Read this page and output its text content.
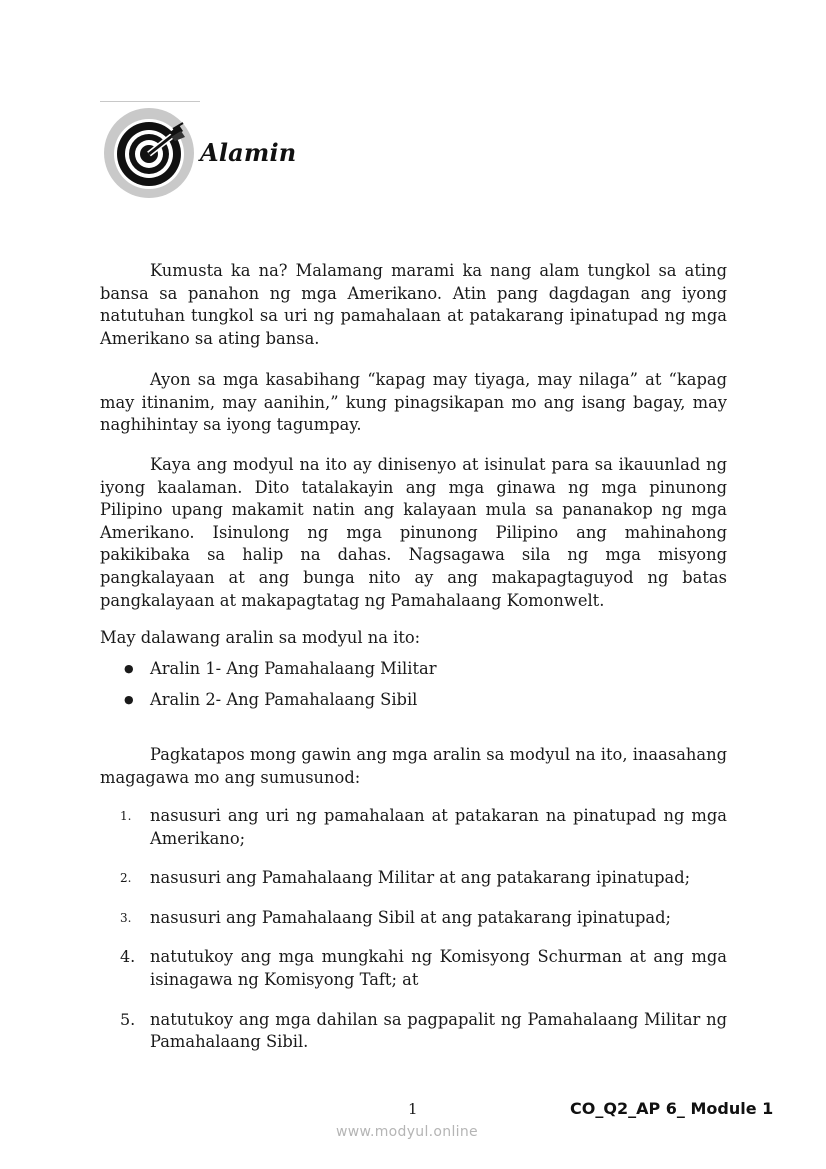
Alamin

Kumusta ka na? Malamang marami ka nang alam tungkol sa ating bansa sa panahon ng mga Amerikano. Atin pang dagdagan ang iyong natutuhan tungkol sa uri ng pamahalaan at patakarang ipinatupad ng mga Amerikano sa ating bansa.

Ayon sa mga kasabihang “kapag may tiyaga, may nilaga” at “kapag may itinanim, may aanihin,” kung pinagsikapan mo ang isang bagay, may naghihintay sa iyong tagumpay.

Kaya ang modyul na ito ay dinisenyo at isinulat para sa ikauunlad ng iyong kaalaman. Dito tatalakayin ang mga ginawa ng mga pinunong Pilipino upang makamit natin ang kalayaan mula sa pananakop ng mga Amerikano. Isinulong ng mga pinunong Pilipino ang mahinahong pakikibaka sa halip na dahas. Nagsagawa sila ng mga misyong pangkalayaan at ang bunga nito ay ang makapagtaguyod ng batas pangkalayaan at makapagtatag ng Pamahalaang Komonwelt.

May dalawang aralin sa modyul na ito:

● Aralin 1- Ang Pamahalaang Militar
● Aralin 2- Ang Pamahalaang Sibil

Pagkatapos mong gawin ang mga aralin sa modyul na ito, inaasahang magagawa mo ang sumusunod:

1. nasusuri ang uri ng pamahalaan at patakaran na pinatupad ng mga Amerikano;
2. nasusuri ang Pamahalaang Militar at ang patakarang ipinatupad;
3. nasusuri ang Pamahalaang Sibil at ang patakarang ipinatupad;
4. natutukoy ang mga mungkahi ng Komisyong Schurman at ang mga isinagawa ng Komisyong Taft; at
5. natutukoy ang mga dahilan sa pagpapalit ng Pamahalaang Militar ng Pamahalaang Sibil.
1	CO_Q2_AP 6_ Module 1
www.modyul.online
